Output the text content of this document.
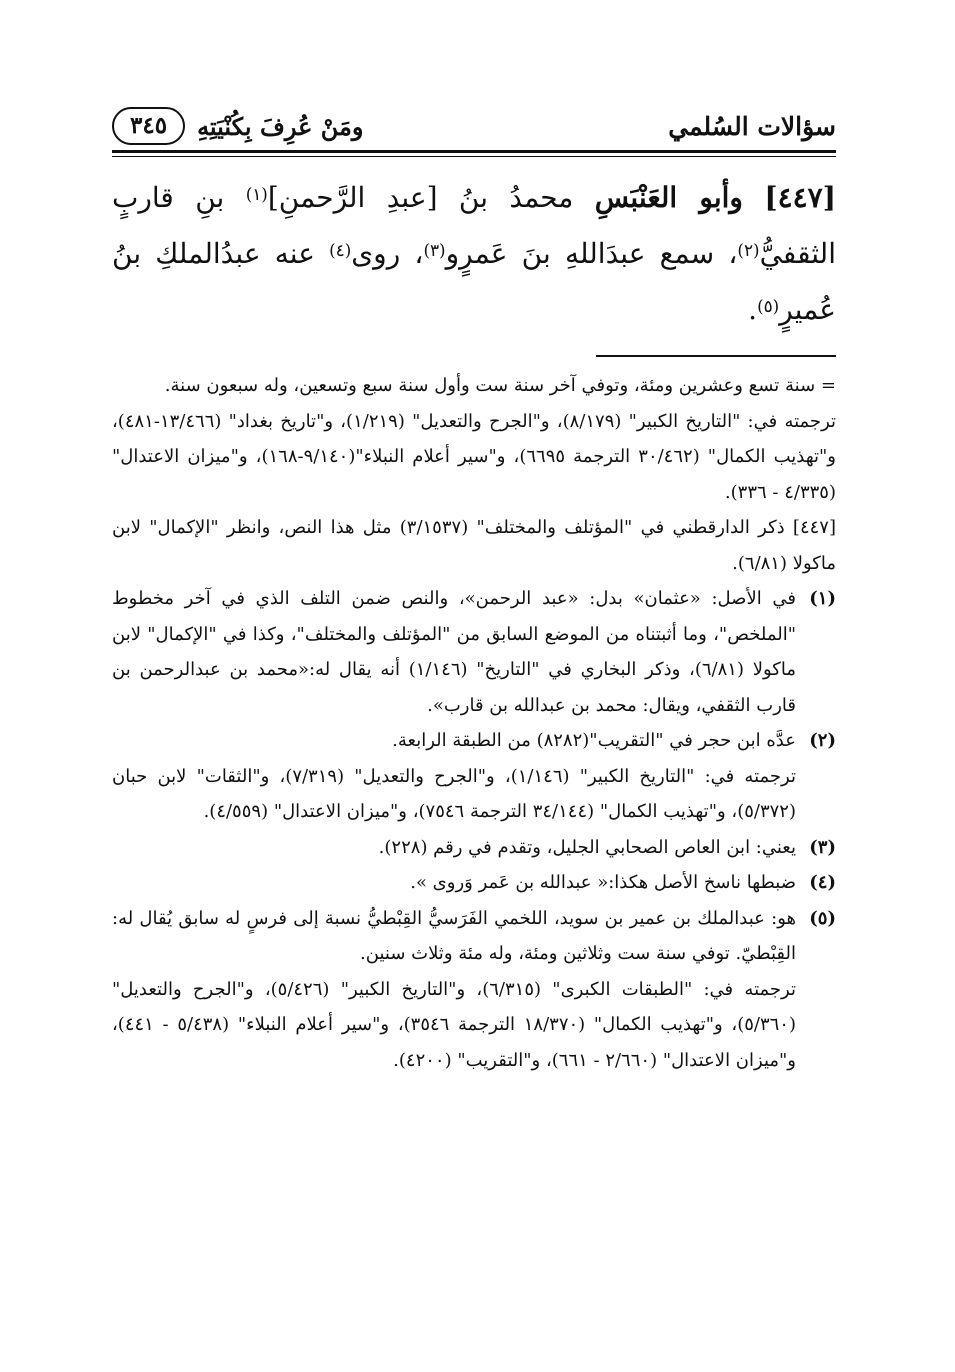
سؤالات السُلمي
ومَنْ عُرِفَ بِكُنْيَتِهِ
٣٤٥
[٤٤٧] وأبو العَنْبَسِ محمدُ بنُ [عبدِ الرَّحمنِ]$^{(١)}$ بنِ قاربٍ الثقفيُّ$^{(٢)}$، سمع عبدَاللهِ بنَ عَمرٍو$^{(٣)}$، روى$^{(٤)}$ عنه عبدُالملكِ بنُ عُميرٍ$^{(٥)}$.

= سنة تسع وعشرين ومئة، وتوفي آخر سنة ست وأول سنة سبع وتسعين، وله سبعون سنة.

ترجمته في: "التاريخ الكبير" (٨/١٧٩)، و"الجرح والتعديل" (١/٢١٩)، و"تاريخ بغداد" (١٣/٤٦٦-٤٨١)، و"تهذيب الكمال" (٣٠/٤٦٢ الترجمة ٦٦٩٥)، و"سير أعلام النبلاء"(٩/١٤٠-١٦٨)، و"ميزان الاعتدال" (٤/٣٣٥ - ٣٣٦).

[٤٤٧] ذكر الدارقطني في "المؤتلف والمختلف" (٣/١٥٣٧) مثل هذا النص، وانظر "الإكمال" لابن ماكولا (٦/٨١).

(١)
في الأصل: «عثمان» بدل: «عبد الرحمن»، والنص ضمن التلف الذي في آخر مخطوط "الملخص"، وما أثبتناه من الموضع السابق من "المؤتلف والمختلف"، وكذا في "الإكمال" لابن ماكولا (٦/٨١)، وذكر البخاري في "التاريخ" (١/١٤٦) أنه يقال له:«محمد بن عبدالرحمن بن قارب الثقفي، ويقال: محمد بن عبدالله بن قارب».
(٢)

عدَّه ابن حجر في "التقريب"(٨٢٨٢) من الطبقة الرابعة.

ترجمته في: "التاريخ الكبير" (١/١٤٦)، و"الجرح والتعديل" (٧/٣١٩)، و"الثقات" لابن حبان (٥/٣٧٢)، و"تهذيب الكمال" (٣٤/١٤٤ الترجمة ٧٥٤٦)، و"ميزان الاعتدال" (٤/٥٥٩).

(٣)
يعني: ابن العاص الصحابي الجليل، وتقدم في رقم (٢٢٨).
(٤)
ضبطها ناسخ الأصل هكذا:« عبدالله بن عَمر وَروى ».
(٥)

هو: عبدالملك بن عمير بن سويد، اللخمي الفَرَسيُّ القِبْطيُّ نسبة إلى فرسٍ له سابق يُقال له: القِبْطيّ. توفي سنة ست وثلاثين ومئة، وله مئة وثلاث سنين.

ترجمته في: "الطبقات الكبرى" (٦/٣١٥)، و"التاريخ الكبير" (٥/٤٢٦)، و"الجرح والتعديل" (٥/٣٦٠)، و"تهذيب الكمال" (١٨/٣٧٠ الترجمة ٣٥٤٦)، و"سير أعلام النبلاء" (٥/٤٣٨ - ٤٤١)، و"ميزان الاعتدال" (٢/٦٦٠ - ٦٦١)، و"التقريب" (٤٢٠٠).
